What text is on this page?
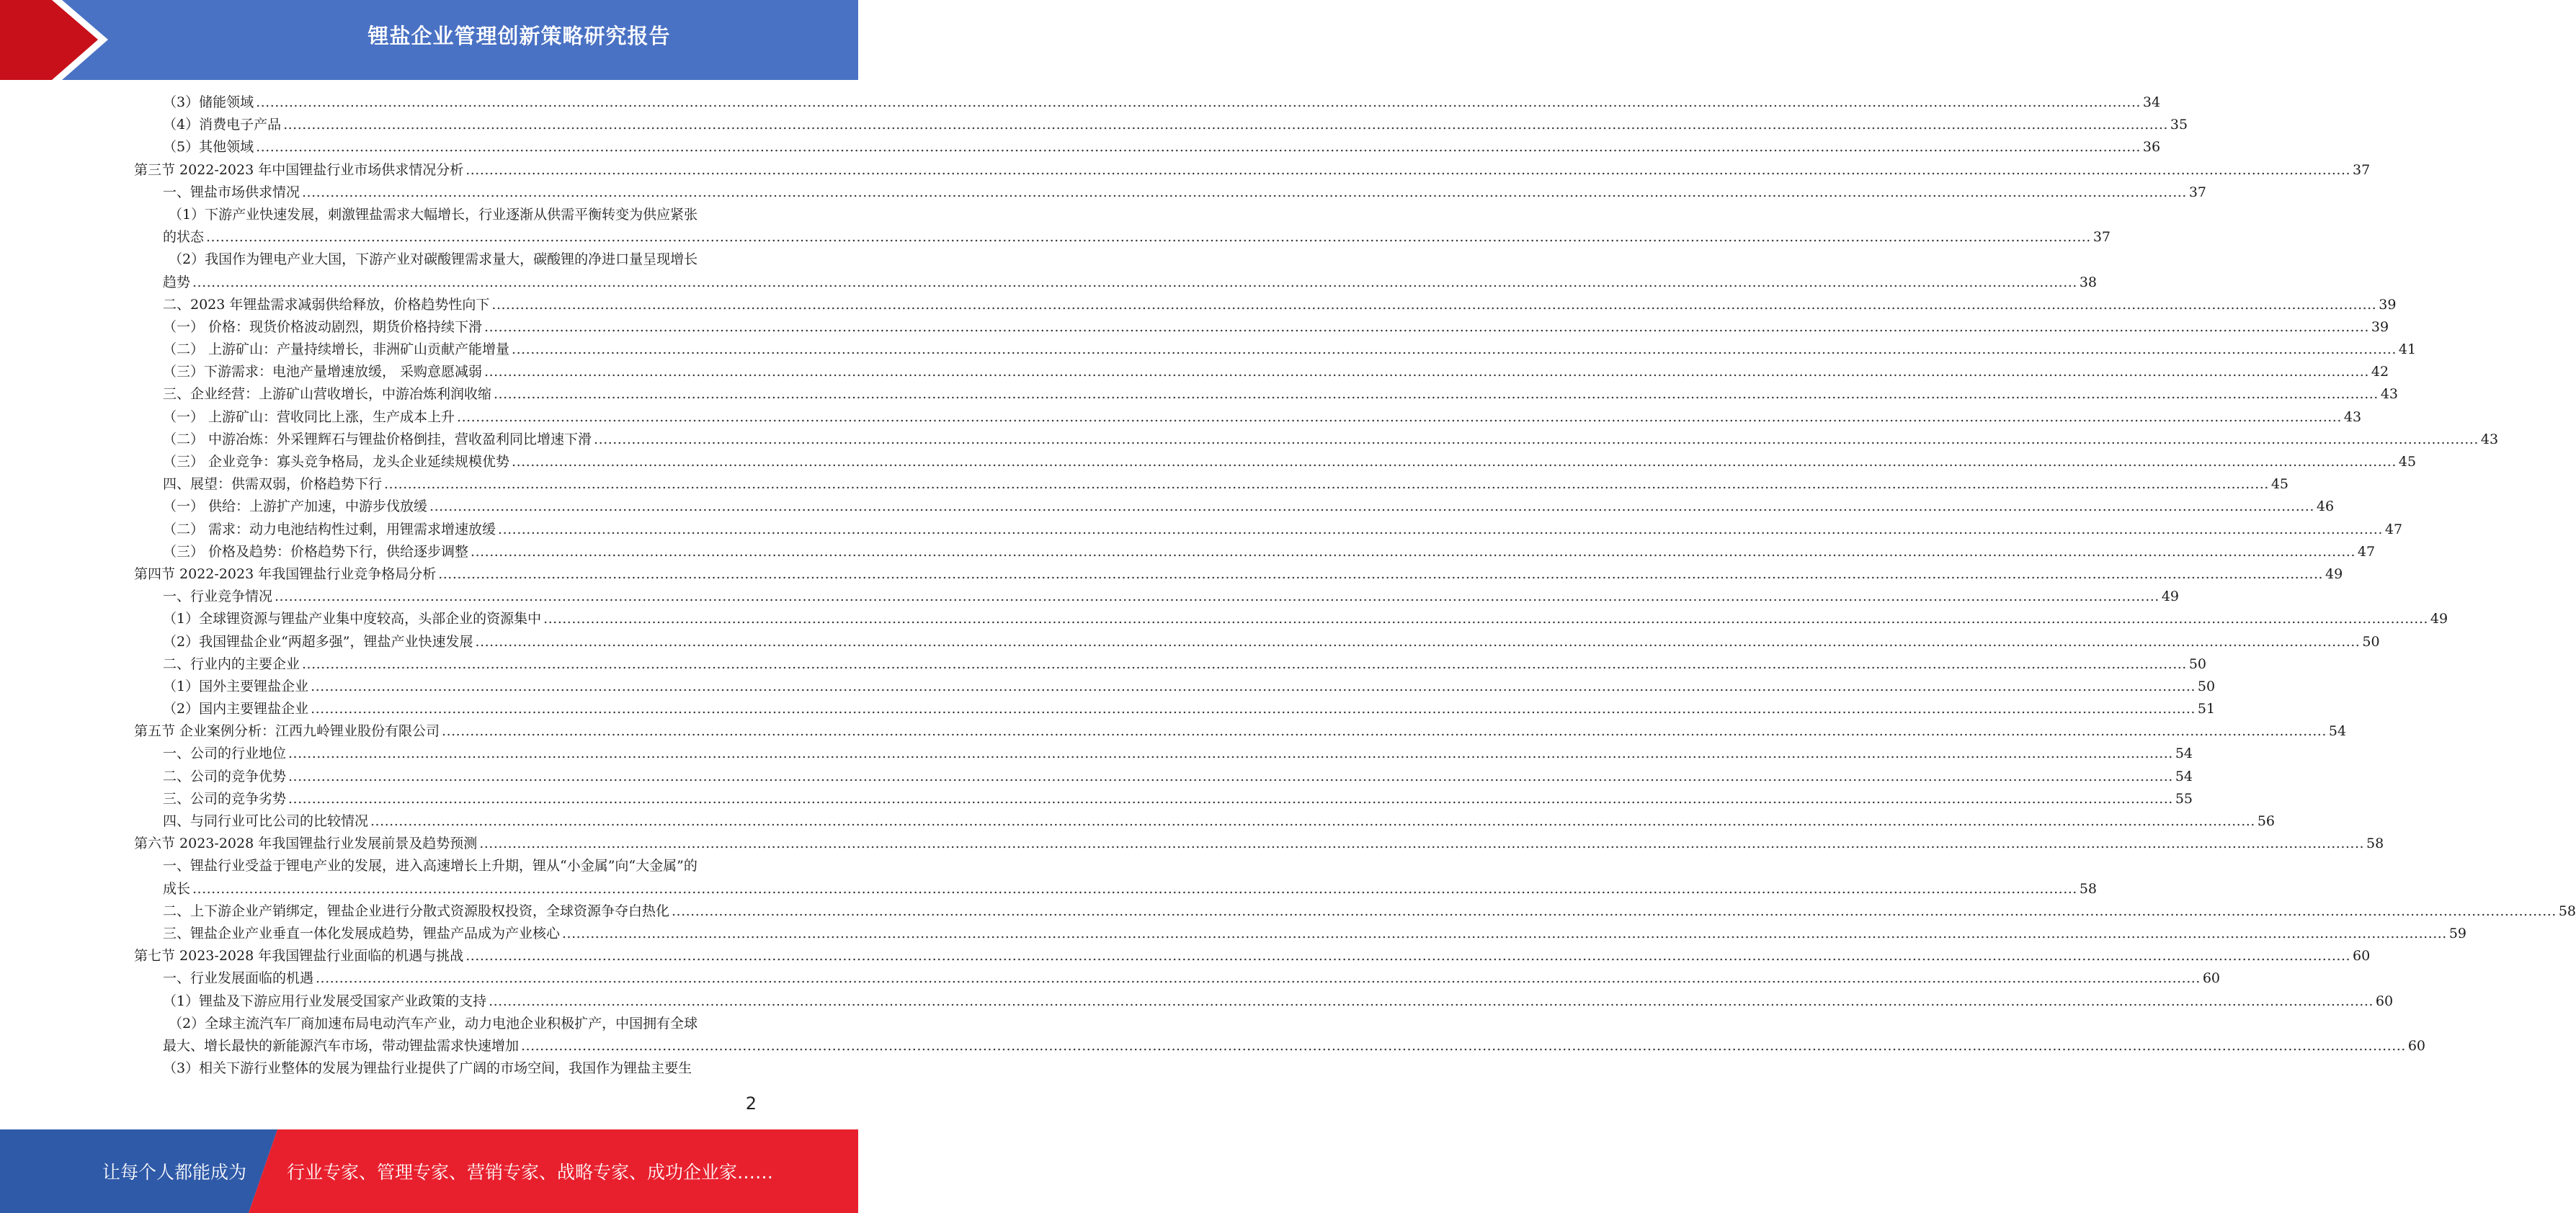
锂盐企业管理创新策略研究报告
（3）储能领域 ................................................................................................................................................................................................................................................................................................................................................................................................................ 34
（4）消费电子产品 ................................................................................................................................................................................................................................................................................................................................................................................................................ 35
（5）其他领域 ................................................................................................................................................................................................................................................................................................................................................................................................................ 36
第三节 2022-2023 年中国锂盐行业市场供求情况分析 ................................................................................................................................................................................................................................................................................................................................................................................................................ 37
一、锂盐市场供求情况 ................................................................................................................................................................................................................................................................................................................................................................................................................ 37
（1）下游产业快速发展，刺激锂盐需求大幅增长，行业逐渐从供需平衡转变为供应紧张
的状态 ................................................................................................................................................................................................................................................................................................................................................................................................................ 37
（2）我国作为锂电产业大国，下游产业对碳酸锂需求量大，碳酸锂的净进口量呈现增长
趋势 ................................................................................................................................................................................................................................................................................................................................................................................................................ 38
二、2023 年锂盐需求减弱供给释放，价格趋势性向下 ................................................................................................................................................................................................................................................................................................................................................................................................................ 39
（一） 价格：现货价格波动剧烈，期货价格持续下滑 ................................................................................................................................................................................................................................................................................................................................................................................................................ 39
（二） 上游矿山：产量持续增长，非洲矿山贡献产能增量 ................................................................................................................................................................................................................................................................................................................................................................................................................ 41
（三）下游需求：电池产量增速放缓， 采购意愿减弱 ................................................................................................................................................................................................................................................................................................................................................................................................................ 42
三、企业经营：上游矿山营收增长，中游冶炼利润收缩 ................................................................................................................................................................................................................................................................................................................................................................................................................ 43
（一） 上游矿山：营收同比上涨，生产成本上升 ................................................................................................................................................................................................................................................................................................................................................................................................................ 43
（二） 中游冶炼：外采锂辉石与锂盐价格倒挂，营收盈利同比增速下滑 ................................................................................................................................................................................................................................................................................................................................................................................................................ 43
（三） 企业竞争：寡头竞争格局，龙头企业延续规模优势 ................................................................................................................................................................................................................................................................................................................................................................................................................ 45
四、展望：供需双弱，价格趋势下行 ................................................................................................................................................................................................................................................................................................................................................................................................................ 45
（一） 供给：上游扩产加速，中游步伐放缓 ................................................................................................................................................................................................................................................................................................................................................................................................................ 46
（二） 需求：动力电池结构性过剩，用锂需求增速放缓 ................................................................................................................................................................................................................................................................................................................................................................................................................ 47
（三） 价格及趋势：价格趋势下行，供给逐步调整 ................................................................................................................................................................................................................................................................................................................................................................................................................ 47
第四节 2022-2023 年我国锂盐行业竞争格局分析 ................................................................................................................................................................................................................................................................................................................................................................................................................ 49
一、行业竞争情况 ................................................................................................................................................................................................................................................................................................................................................................................................................ 49
（1）全球锂资源与锂盐产业集中度较高，头部企业的资源集中 ................................................................................................................................................................................................................................................................................................................................................................................................................ 49
（2）我国锂盐企业“两超多强”，锂盐产业快速发展 ................................................................................................................................................................................................................................................................................................................................................................................................................ 50
二、行业内的主要企业 ................................................................................................................................................................................................................................................................................................................................................................................................................ 50
（1）国外主要锂盐企业 ................................................................................................................................................................................................................................................................................................................................................................................................................ 50
（2）国内主要锂盐企业 ................................................................................................................................................................................................................................................................................................................................................................................................................ 51
第五节 企业案例分析：江西九岭锂业股份有限公司 ................................................................................................................................................................................................................................................................................................................................................................................................................ 54
一、公司的行业地位 ................................................................................................................................................................................................................................................................................................................................................................................................................ 54
二、公司的竞争优势 ................................................................................................................................................................................................................................................................................................................................................................................................................ 54
三、公司的竞争劣势 ................................................................................................................................................................................................................................................................................................................................................................................................................ 55
四、与同行业可比公司的比较情况 ................................................................................................................................................................................................................................................................................................................................................................................................................ 56
第六节 2023-2028 年我国锂盐行业发展前景及趋势预测 ................................................................................................................................................................................................................................................................................................................................................................................................................ 58
一、锂盐行业受益于锂电产业的发展，进入高速增长上升期，锂从“小金属”向“大金属”的
成长 ................................................................................................................................................................................................................................................................................................................................................................................................................ 58
二、上下游企业产销绑定，锂盐企业进行分散式资源股权投资，全球资源争夺白热化 ................................................................................................................................................................................................................................................................................................................................................................................................................ 58
三、锂盐企业产业垂直一体化发展成趋势，锂盐产品成为产业核心 ................................................................................................................................................................................................................................................................................................................................................................................................................ 59
第七节 2023-2028 年我国锂盐行业面临的机遇与挑战 ................................................................................................................................................................................................................................................................................................................................................................................................................ 60
一、行业发展面临的机遇 ................................................................................................................................................................................................................................................................................................................................................................................................................ 60
（1）锂盐及下游应用行业发展受国家产业政策的支持 ................................................................................................................................................................................................................................................................................................................................................................................................................ 60
（2）全球主流汽车厂商加速布局电动汽车产业，动力电池企业积极扩产，中国拥有全球
最大、增长最快的新能源汽车市场，带动锂盐需求快速增加 ................................................................................................................................................................................................................................................................................................................................................................................................................ 60
（3）相关下游行业整体的发展为锂盐行业提供了广阔的市场空间，我国作为锂盐主要生
2
让每个人都能成为 行业专家、管理专家、营销专家、战略专家、成功企业家……
